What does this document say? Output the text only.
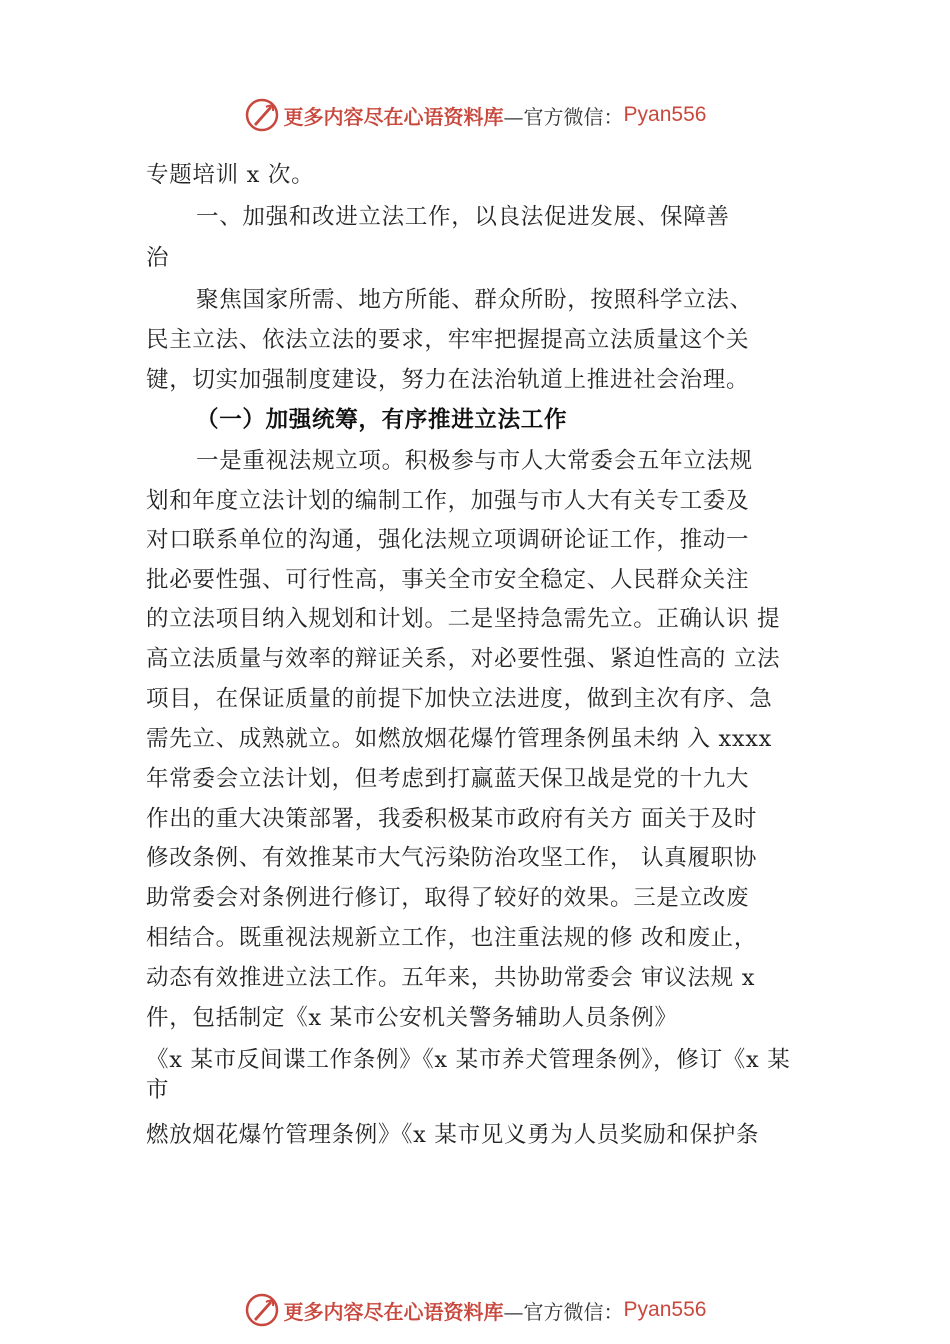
更多内容尽在心语资料库 —官方微信： Pyan556
专题培训 x 次。
一、加强和改进立法工作，以良法促进发展、保障善
治
聚焦国家所需、地方所能、群众所盼，按照科学立法、
民主立法、依法立法的要求，牢牢把握提高立法质量这个关
键，切实加强制度建设，努力在法治轨道上推进社会治理。
（一）加强统筹，有序推进立法工作
一是重视法规立项。积极参与市人大常委会五年立法规
划和年度立法计划的编制工作，加强与市人大有关专工委及
对口联系单位的沟通，强化法规立项调研论证工作，推动一
批必要性强、可行性高，事关全市安全稳定、人民群众关注
的立法项目纳入规划和计划。二是坚持急需先立。正确认识 提
高立法质量与效率的辩证关系，对必要性强、紧迫性高的 立法
项目，在保证质量的前提下加快立法进度，做到主次有序、急
需先立、成熟就立。如燃放烟花爆竹管理条例虽未纳 入 xxxx
年常委会立法计划，但考虑到打赢蓝天保卫战是党的十九大
作出的重大决策部署，我委积极某市政府有关方 面关于及时
修改条例、有效推某市大气污染防治攻坚工作， 认真履职协
助常委会对条例进行修订，取得了较好的效果。三是立改废
相结合。既重视法规新立工作，也注重法规的修 改和废止，
动态有效推进立法工作。五年来，共协助常委会 审议法规 x
件，包括制定《x 某市公安机关警务辅助人员条例》
《x 某市反间谍工作条例》《x 某市养犬管理条例》，修订《x 某
市
燃放烟花爆竹管理条例》《x 某市见义勇为人员奖励和保护条
更多内容尽在心语资料库 —官方微信： Pyan556
